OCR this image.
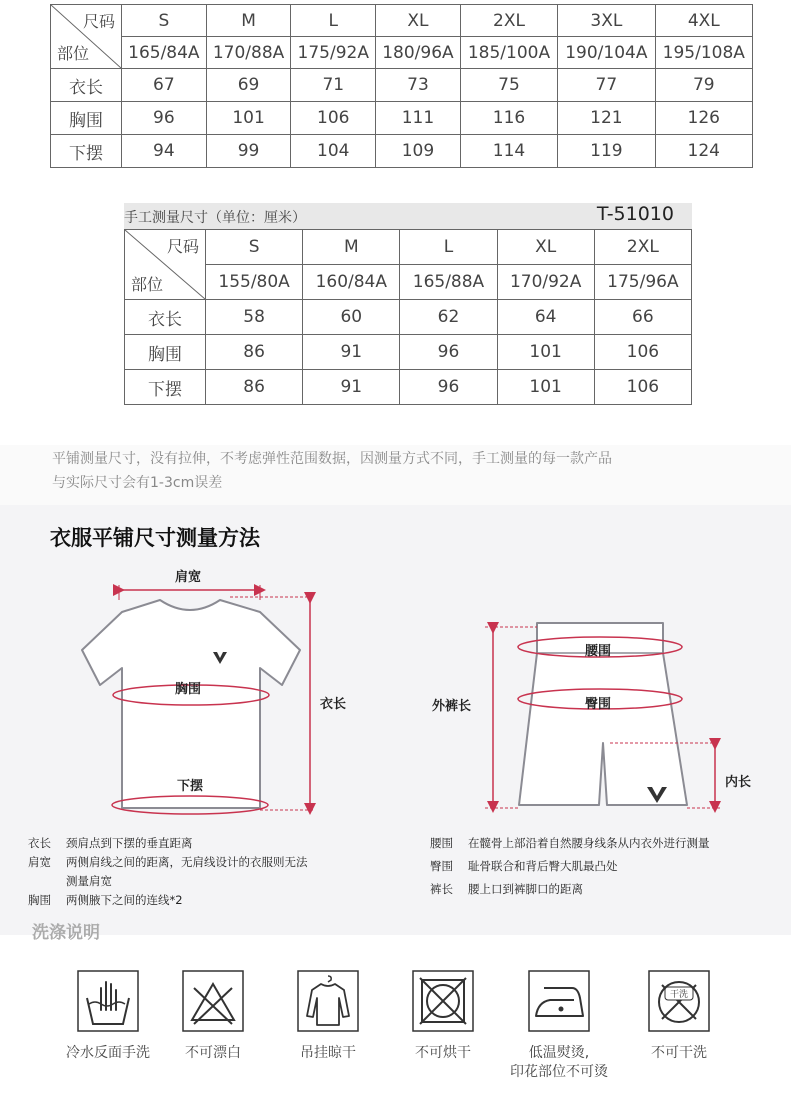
尺码
部位	S	M	L	XL	2XL	3XL	4XL
	165/84A	170/88A	175/92A	180/96A	185/100A	190/104A	195/108A
衣长	67	69	71	73	75	77	79
胸围	96	101	106	111	116	121	126
下摆	94	99	104	109	114	119	124
手工测量尺寸（单位：厘米）	T-51010
尺码
部位	S	M	L	XL	2XL
	155/80A	160/84A	165/88A	170/92A	175/96A
衣长	58	60	62	64	66
胸围	86	91	96	101	106
下摆	86	91	96	101	106
平铺测量尺寸，没有拉伸，不考虑弹性范围数据，因测量方式不同，手工测量的每一款产品
与实际尺寸会有1-3cm误差
衣服平铺尺寸测量方法
肩宽
胸围
下摆
衣长
腰围
臀围
外裤长
内长
衣长 颈肩点到下摆的垂直距离
肩宽 两侧肩线之间的距离，无肩线设计的衣服则无法
测量肩宽
胸围 两侧腋下之间的连线*2
腰围 在髋骨上部沿着自然腰身线条从内衣外进行测量
臀围 耻骨联合和背后臀大肌最凸处
裤长 腰上口到裤脚口的距离
洗涤说明
干洗
冷水反面手洗	不可漂白	吊挂晾干	不可烘干	低温熨烫,
印花部位不可烫
不可干洗
